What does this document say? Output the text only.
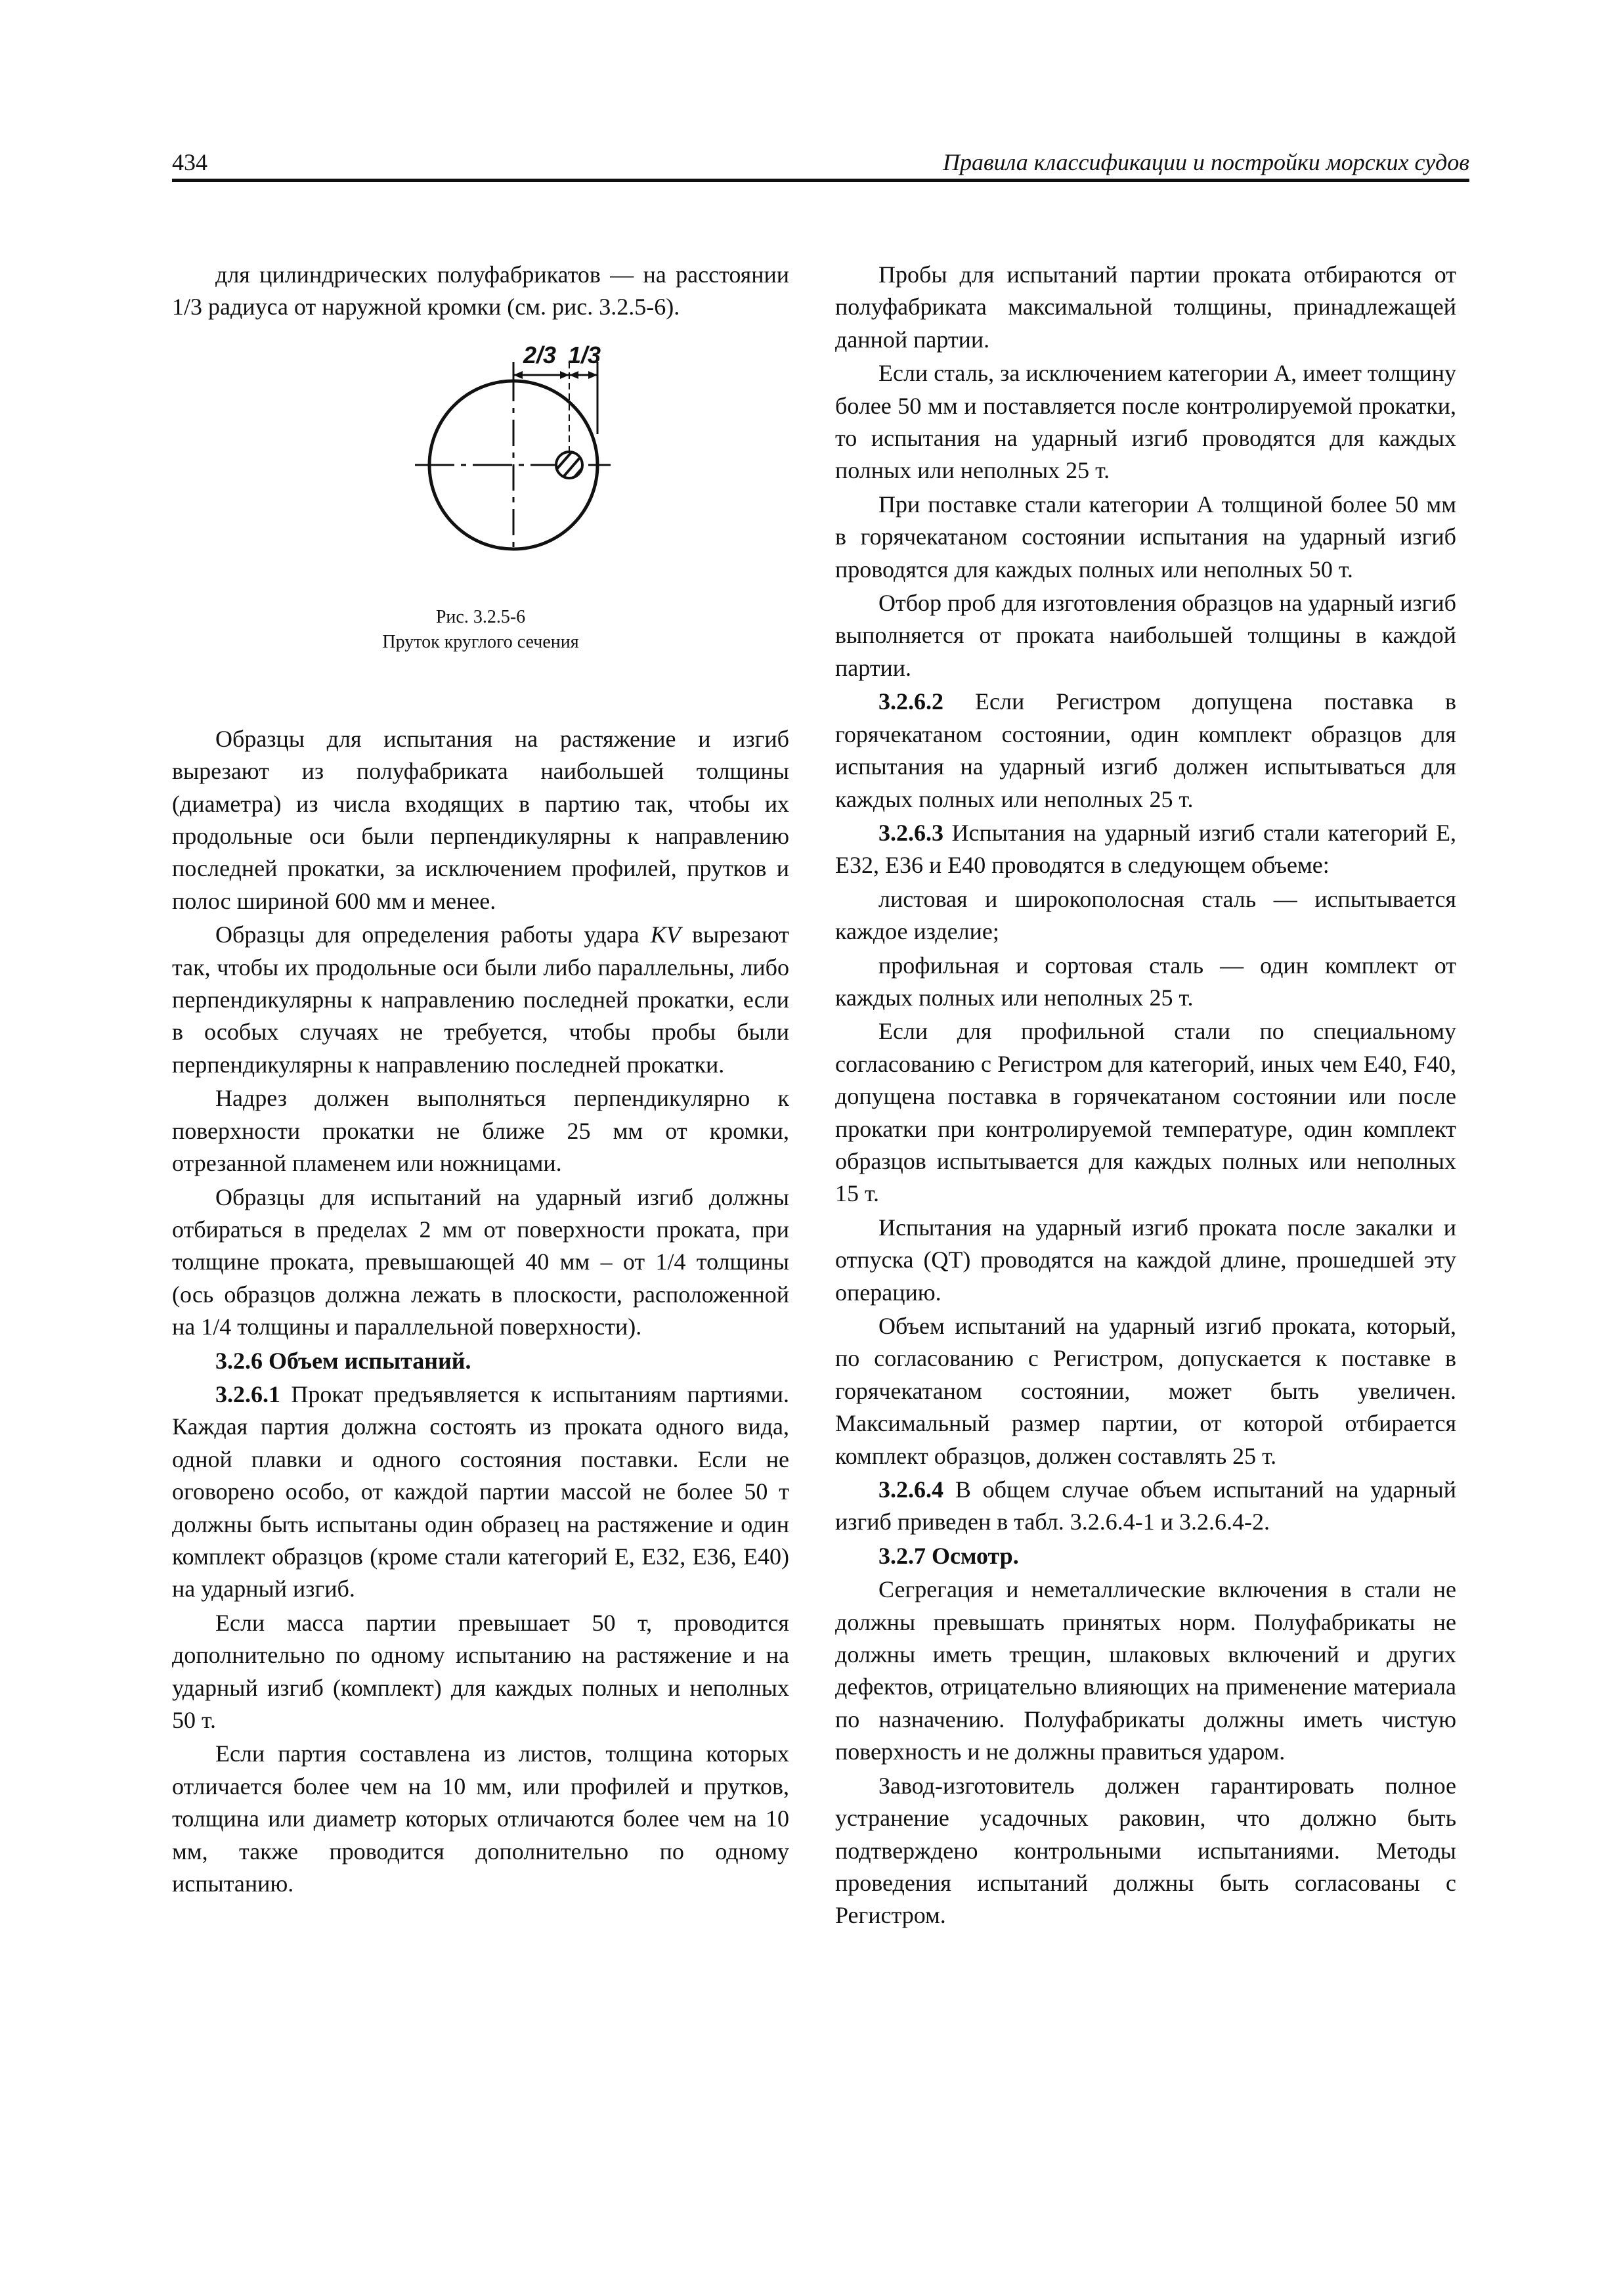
434	Правила классификации и постройки морских судов

для цилиндрических полуфабрикатов — на расстоянии 1/3 радиуса от наружной кромки (см. рис. 3.2.5-6).

2/3 1/3
Рис. 3.2.5-6
Пруток круглого сечения

Образцы для испытания на растяжение и изгиб вырезают из полуфабриката наибольшей толщины (диаметра) из числа входящих в партию так, чтобы их продольные оси были перпендикулярны к направлению последней прокатки, за исключением профилей, прутков и полос шириной 600 мм и менее.

Образцы для определения работы удара KV вырезают так, чтобы их продольные оси были либо параллельны, либо перпендикулярны к направлению последней прокатки, если в особых случаях не требуется, чтобы пробы были перпендикулярны к направлению последней прокатки.

Надрез должен выполняться перпендикулярно к поверхности прокатки не ближе 25 мм от кромки, отрезанной пламенем или ножницами.

Образцы для испытаний на ударный изгиб должны отбираться в пределах 2 мм от поверхности проката, при толщине проката, превышающей 40 мм – от 1/4 толщины (ось образцов должна лежать в плоскости, расположенной на 1/4 толщины и параллельной поверхности).

3.2.6 Объем испытаний.

3.2.6.1 Прокат предъявляется к испытаниям партиями. Каждая партия должна состоять из проката одного вида, одной плавки и одного состояния поставки. Если не оговорено особо, от каждой партии массой не более 50 т должны быть испытаны один образец на растяжение и один комплект образцов (кроме стали категорий E, E32, E36, E40) на ударный изгиб.

Если масса партии превышает 50 т, проводится дополнительно по одному испытанию на растяжение и на ударный изгиб (комплект) для каждых полных и неполных 50 т.

Если партия составлена из листов, толщина которых отличается более чем на 10 мм, или профилей и прутков, толщина или диаметр которых отличаются более чем на 10 мм, также проводится дополнительно по одному испытанию.

Пробы для испытаний партии проката отбираются от полуфабриката максимальной толщины, принадлежащей данной партии.

Если сталь, за исключением категории А, имеет толщину более 50 мм и поставляется после контролируемой прокатки, то испытания на ударный изгиб проводятся для каждых полных или неполных 25 т.

При поставке стали категории А толщиной более 50 мм в горячекатаном состоянии испытания на ударный изгиб проводятся для каждых полных или неполных 50 т.

Отбор проб для изготовления образцов на ударный изгиб выполняется от проката наибольшей толщины в каждой партии.

3.2.6.2 Если Регистром допущена поставка в горячекатаном состоянии, один комплект образцов для испытания на ударный изгиб должен испытываться для каждых полных или неполных 25 т.

3.2.6.3 Испытания на ударный изгиб стали категорий E, E32, E36 и E40 проводятся в следующем объеме:

листовая и широкополосная сталь — испытывается каждое изделие;

профильная и сортовая сталь — один комплект от каждых полных или неполных 25 т.

Если для профильной стали по специальному согласованию с Регистром для категорий, иных чем E40, F40, допущена поставка в горячекатаном состоянии или после прокатки при контролируемой температуре, один комплект образцов испытывается для каждых полных или неполных 15 т.

Испытания на ударный изгиб проката после закалки и отпуска (QT) проводятся на каждой длине, прошедшей эту операцию.

Объем испытаний на ударный изгиб проката, который, по согласованию с Регистром, допускается к поставке в горячекатаном состоянии, может быть увеличен. Максимальный размер партии, от которой отбирается комплект образцов, должен составлять 25 т.

3.2.6.4 В общем случае объем испытаний на ударный изгиб приведен в табл. 3.2.6.4-1 и 3.2.6.4-2.

3.2.7 Осмотр.

Сегрегация и неметаллические включения в стали не должны превышать принятых норм. Полуфабрикаты не должны иметь трещин, шлаковых включений и других дефектов, отрицательно влияющих на применение материала по назначению. Полуфабрикаты должны иметь чистую поверхность и не должны правиться ударом.

Завод-изготовитель должен гарантировать полное устранение усадочных раковин, что должно быть подтверждено контрольными испытаниями. Методы проведения испытаний должны быть согласованы с Регистром.
